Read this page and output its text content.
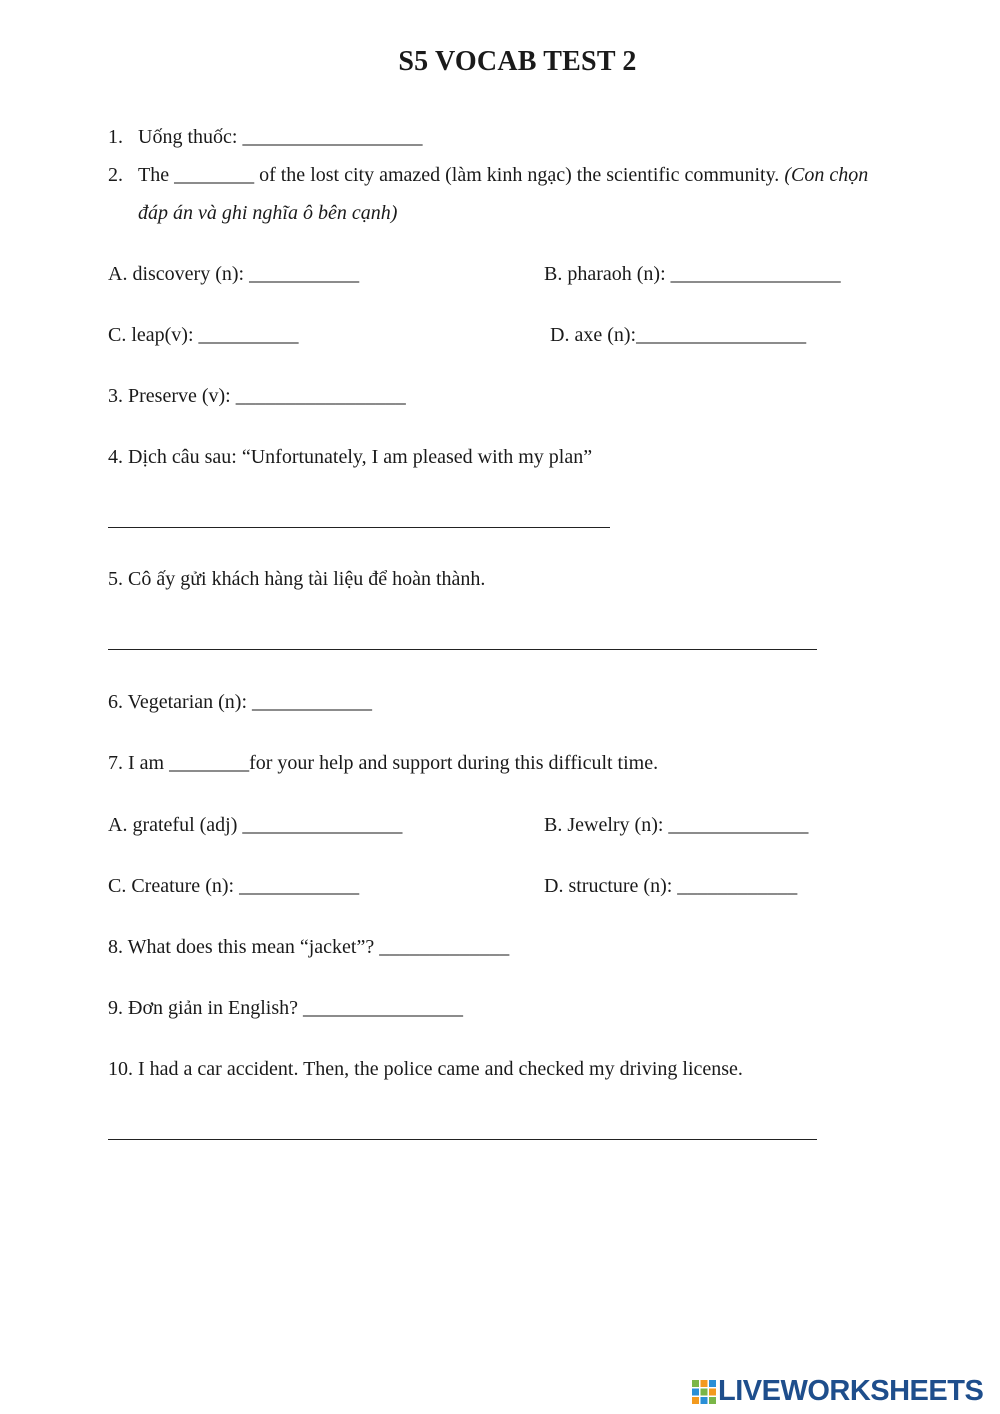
S5 VOCAB TEST 2
1. Uống thuốc: __________________
2. The ________ of the lost city amazed (làm kinh ngạc) the scientific community. (Con chọn
đáp án và ghi nghĩa ô bên cạnh)
A. discovery (n): ___________	B. pharaoh (n): _________________
C. leap(v): __________	D. axe (n):_________________
3. Preserve (v): _________________
4. Dịch câu sau: “Unfortunately, I am pleased with my plan”
5. Cô ấy gửi khách hàng tài liệu để hoàn thành.
6. Vegetarian (n): ____________
7. I am ________for your help and support during this difficult time.
A. grateful (adj) ________________	B. Jewelry (n): ______________
C. Creature (n): ____________	D. structure (n): ____________
8. What does this mean “jacket”? _____________
9. Đơn giản in English? ________________
10. I had a car accident. Then, the police came and checked my driving license.
LIVEWORKSHEETS
